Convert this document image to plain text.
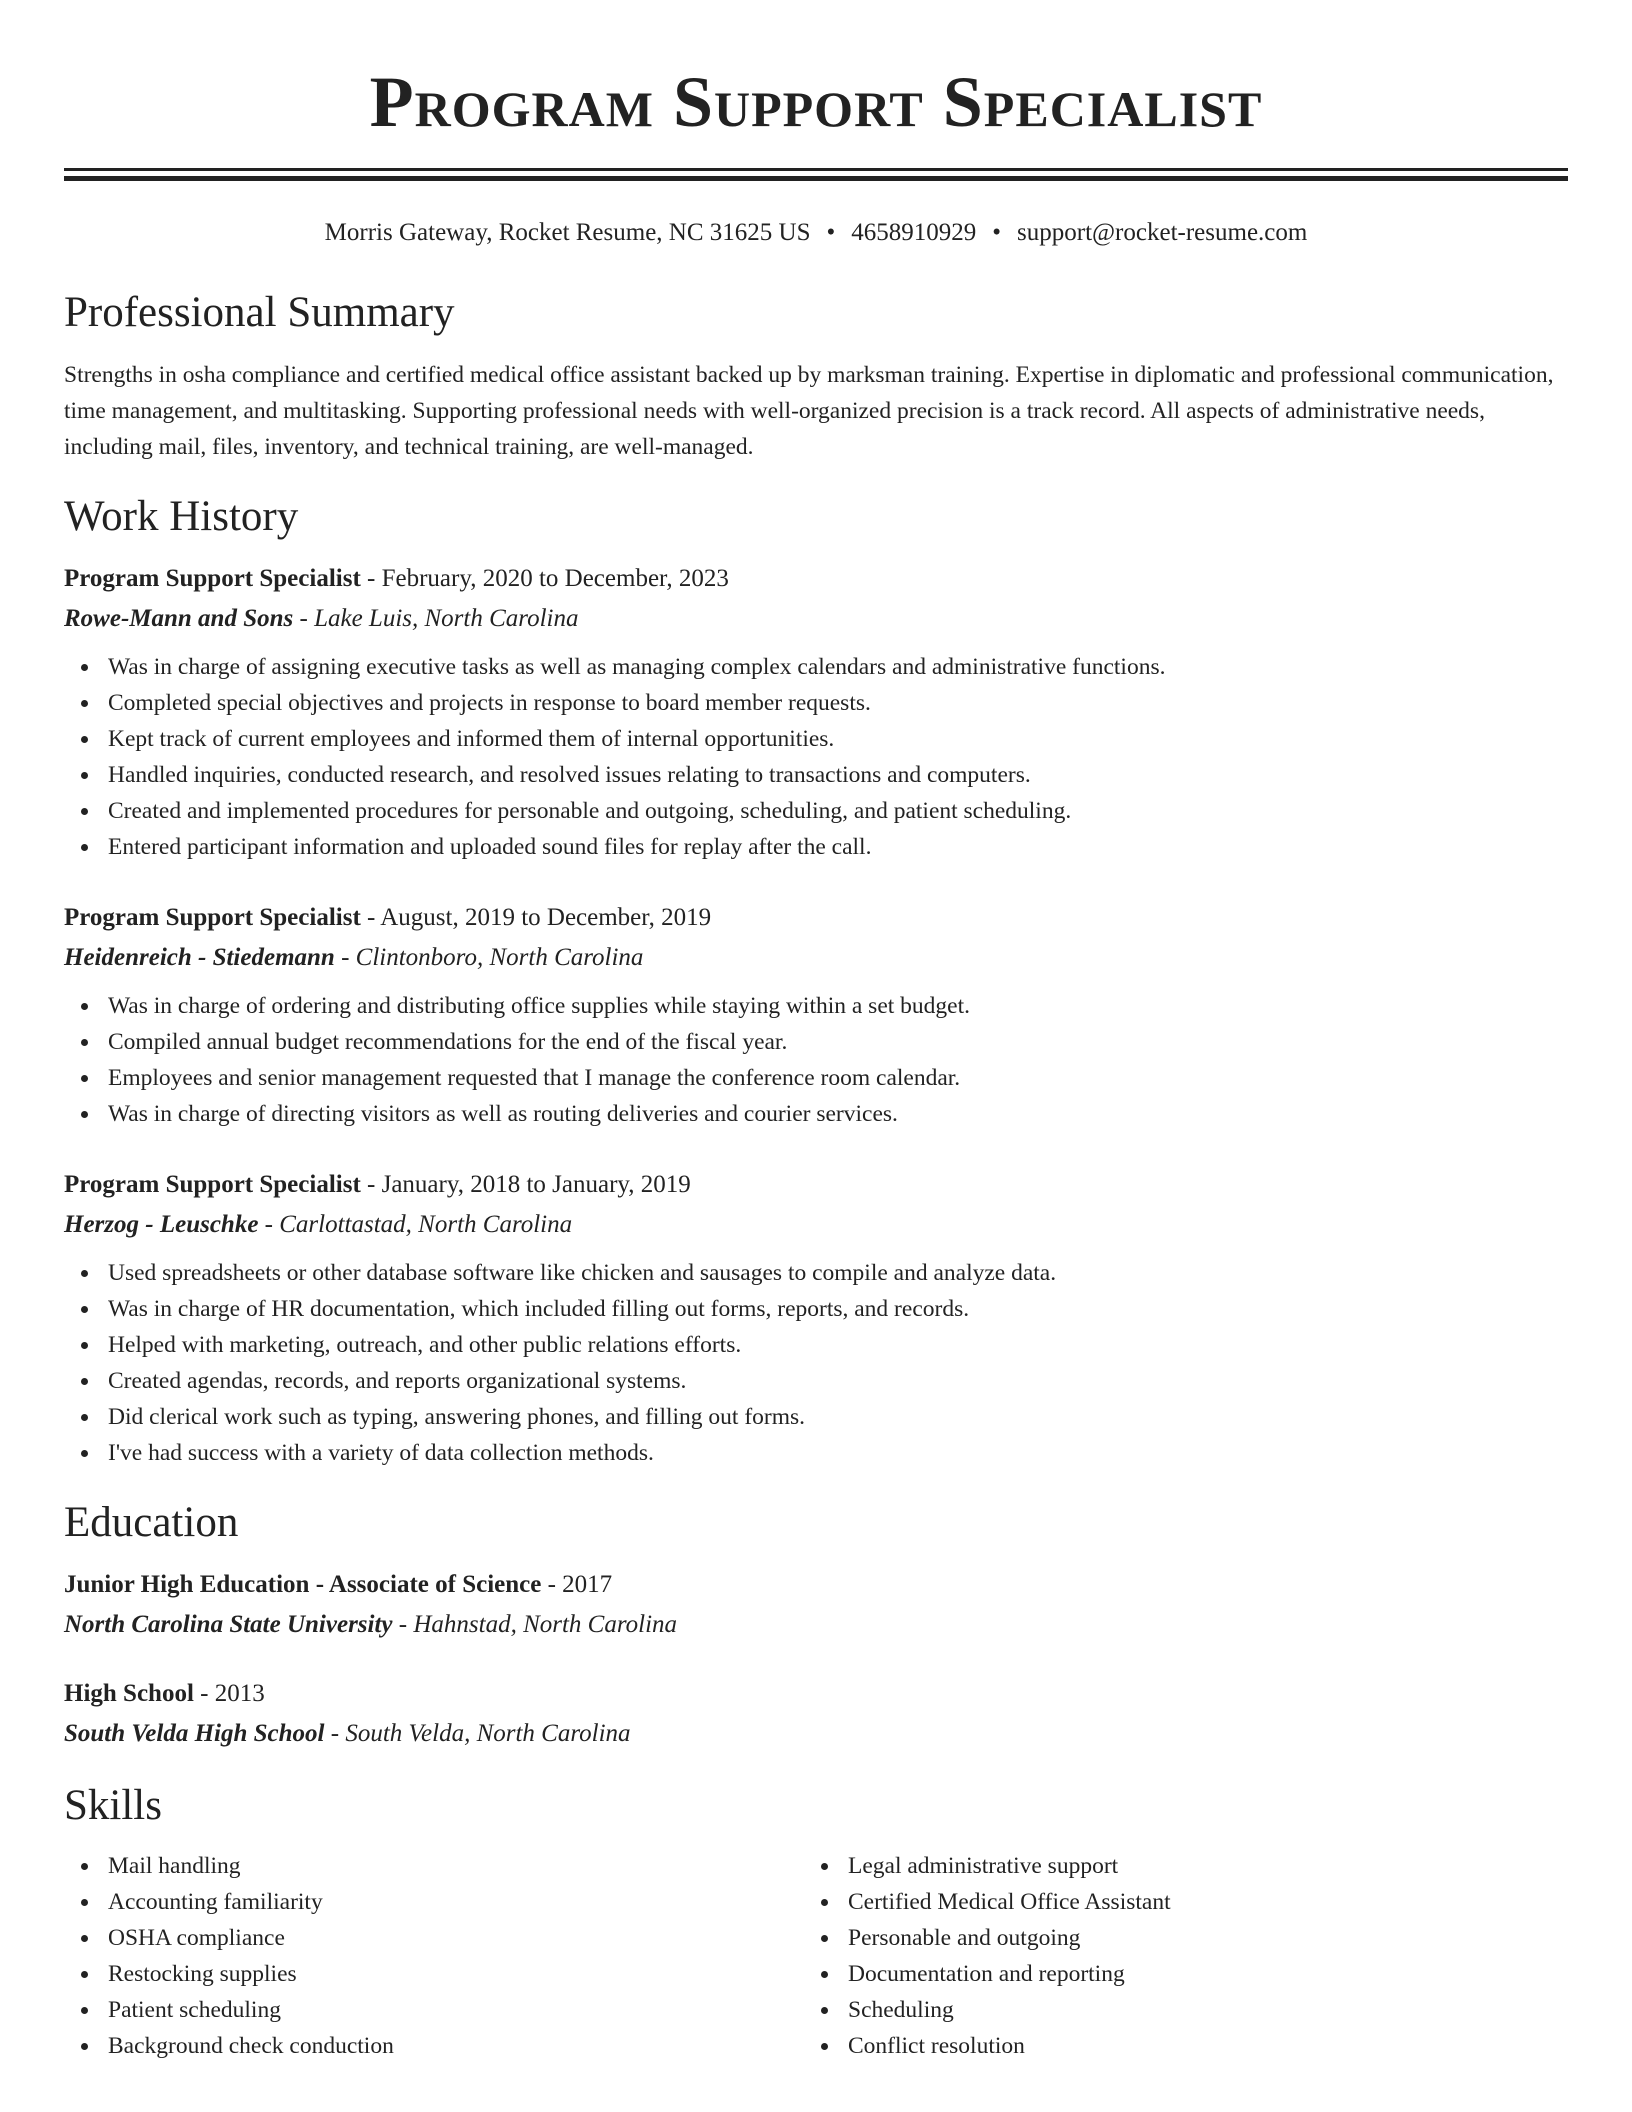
Program Support Specialist
Morris Gateway, Rocket Resume, NC 31625 US • 4658910929 • support@rocket-resume.com
Professional Summary
Strengths in osha compliance and certified medical office assistant backed up by marksman training. Expertise in diplomatic and professional communication, time management, and multitasking. Supporting professional needs with well-organized precision is a track record. All aspects of administrative needs, including mail, files, inventory, and technical training, are well-managed.
Work History
Program Support Specialist - February, 2020 to December, 2023
Rowe-Mann and Sons - Lake Luis, North Carolina
Was in charge of assigning executive tasks as well as managing complex calendars and administrative functions.
Completed special objectives and projects in response to board member requests.
Kept track of current employees and informed them of internal opportunities.
Handled inquiries, conducted research, and resolved issues relating to transactions and computers.
Created and implemented procedures for personable and outgoing, scheduling, and patient scheduling.
Entered participant information and uploaded sound files for replay after the call.
Program Support Specialist - August, 2019 to December, 2019
Heidenreich - Stiedemann - Clintonboro, North Carolina
Was in charge of ordering and distributing office supplies while staying within a set budget.
Compiled annual budget recommendations for the end of the fiscal year.
Employees and senior management requested that I manage the conference room calendar.
Was in charge of directing visitors as well as routing deliveries and courier services.
Program Support Specialist - January, 2018 to January, 2019
Herzog - Leuschke - Carlottastad, North Carolina
Used spreadsheets or other database software like chicken and sausages to compile and analyze data.
Was in charge of HR documentation, which included filling out forms, reports, and records.
Helped with marketing, outreach, and other public relations efforts.
Created agendas, records, and reports organizational systems.
Did clerical work such as typing, answering phones, and filling out forms.
I've had success with a variety of data collection methods.
Education
Junior High Education - Associate of Science - 2017
North Carolina State University - Hahnstad, North Carolina
High School - 2013
South Velda High School - South Velda, North Carolina
Skills
Mail handling
Accounting familiarity
OSHA compliance
Restocking supplies
Patient scheduling
Background check conduction
Legal administrative support
Certified Medical Office Assistant
Personable and outgoing
Documentation and reporting
Scheduling
Conflict resolution
